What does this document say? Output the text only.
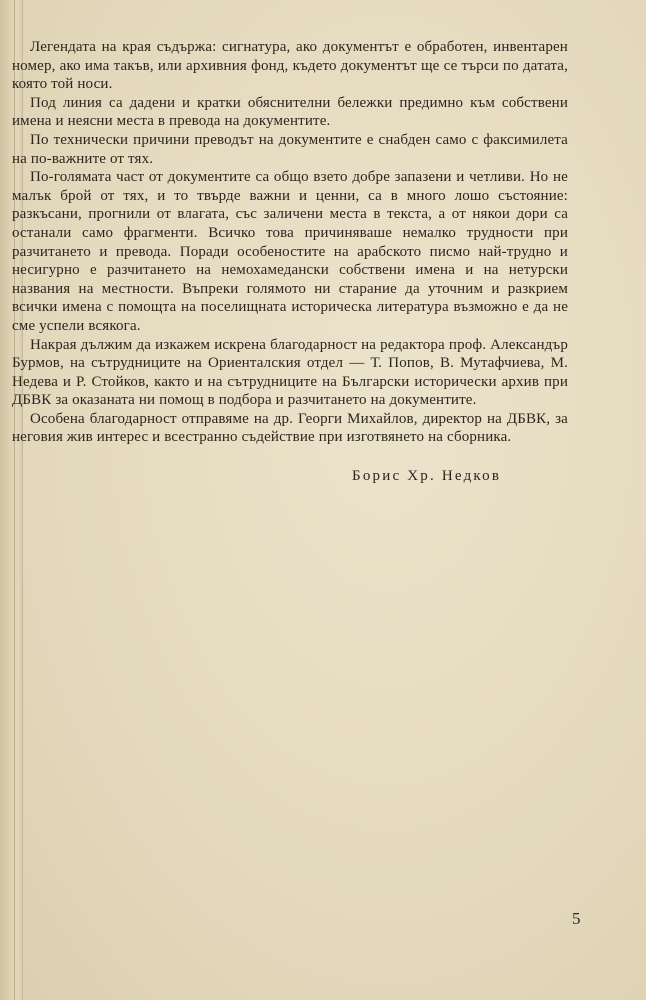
Легендата на края съдържа: сигнатура, ако документът е обработен, инвентарен номер, ако има такъв, или архивния фонд, където документът ще се търси по датата, която той носи.

Под линия са дадени и кратки обяснителни бележки предимно към собствени имена и неясни места в превода на документите.

По технически причини преводът на документите е снабден само с факсимилета на по-важните от тях.

По-голямата част от документите са общо взето добре запазени и четливи. Но не малък брой от тях, и то твърде важни и ценни, са в много лошо състояние: разкъсани, прогнили от влагата, със заличени места в текста, а от някои дори са останали само фрагменти. Всичко това причиняваше немалко трудности при разчитането и превода. Поради особеностите на арабското писмо най-трудно и несигурно е разчитането на немохамедански собствени имена и на нетурски названия на местности. Въпреки голямото ни старание да уточним и разкрием всички имена с помощта на поселищната историческа литература възможно е да не сме успели всякога.

Накрая дължим да изкажем искрена благодарност на редактора проф. Александър Бурмов, на сътрудниците на Ориенталския отдел — Т. Попов, В. Мутафчиева, М. Недева и Р. Стойков, както и на сътрудниците на Български исторически архив при ДБВК за оказаната ни помощ в подбора и разчитането на документите.

Особена благодарност отправяме на др. Георги Михайлов, директор на ДБВК, за неговия жив интерес и всестранно съдействие при изготвянето на сборника.

Борис Хр. Недков
5
